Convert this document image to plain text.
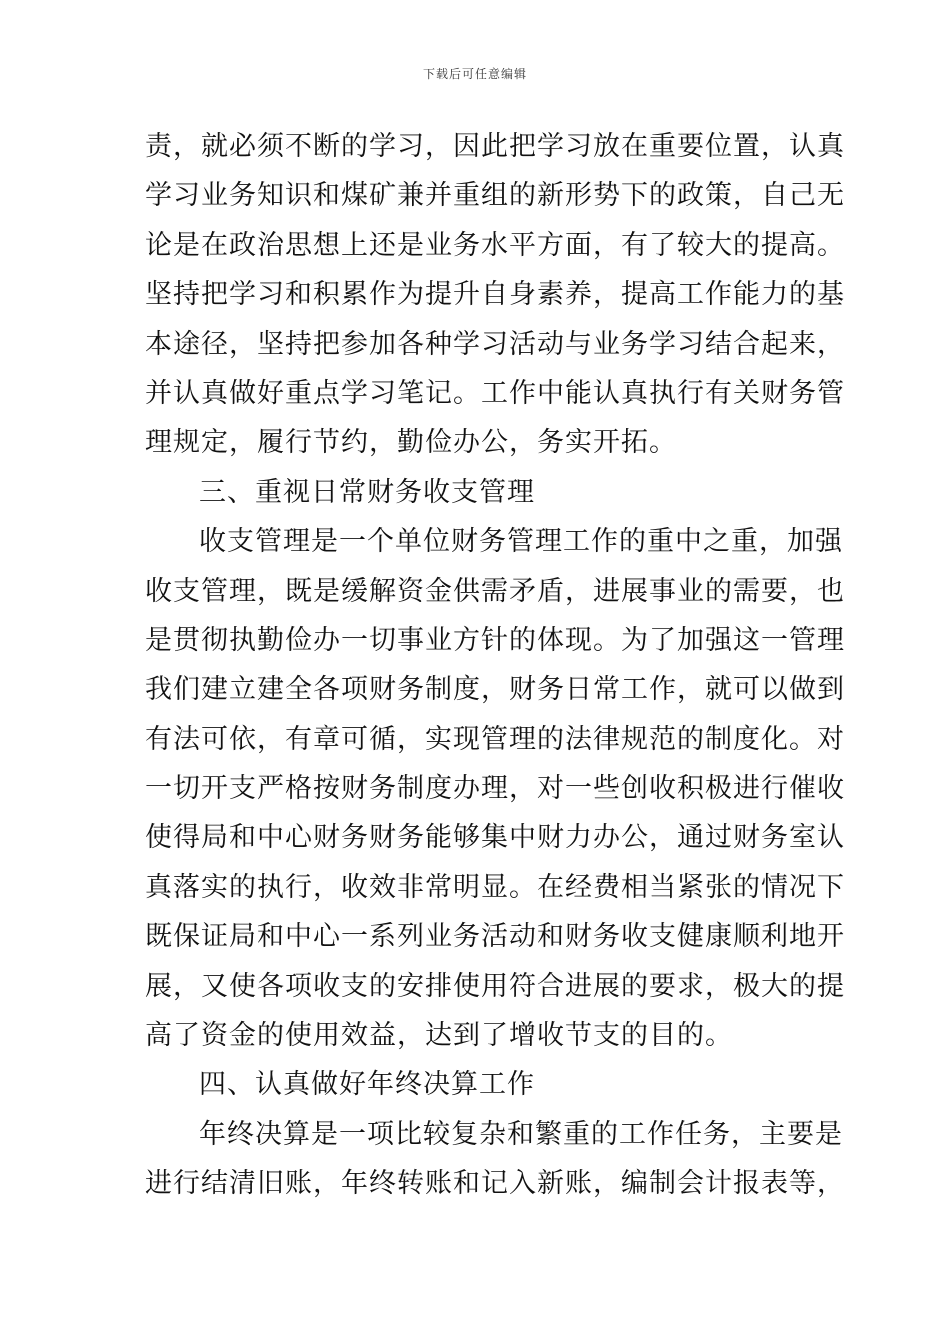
下载后可任意编辑
责，就必须不断的学习，因此把学习放在重要位置，认真
学习业务知识和煤矿兼并重组的新形势下的政策，自己无
论是在政治思想上还是业务水平方面，有了较大的提高。
坚持把学习和积累作为提升自身素养，提高工作能力的基
本途径，坚持把参加各种学习活动与业务学习结合起来，
并认真做好重点学习笔记。工作中能认真执行有关财务管
理规定，履行节约，勤俭办公，务实开拓。
三、重视日常财务收支管理
收支管理是一个单位财务管理工作的重中之重，加强
收支管理，既是缓解资金供需矛盾，进展事业的需要，也
是贯彻执勤俭办一切事业方针的体现。为了加强这一管理
我们建立建全各项财务制度，财务日常工作，就可以做到
有法可依，有章可循，实现管理的法律规范的制度化。对
一切开支严格按财务制度办理，对一些创收积极进行催收
使得局和中心财务财务能够集中财力办公，通过财务室认
真落实的执行，收效非常明显。在经费相当紧张的情况下
既保证局和中心一系列业务活动和财务收支健康顺利地开
展，又使各项收支的安排使用符合进展的要求，极大的提
高了资金的使用效益，达到了增收节支的目的。
四、认真做好年终决算工作
年终决算是一项比较复杂和繁重的工作任务，主要是
进行结清旧账，年终转账和记入新账，编制会计报表等，
